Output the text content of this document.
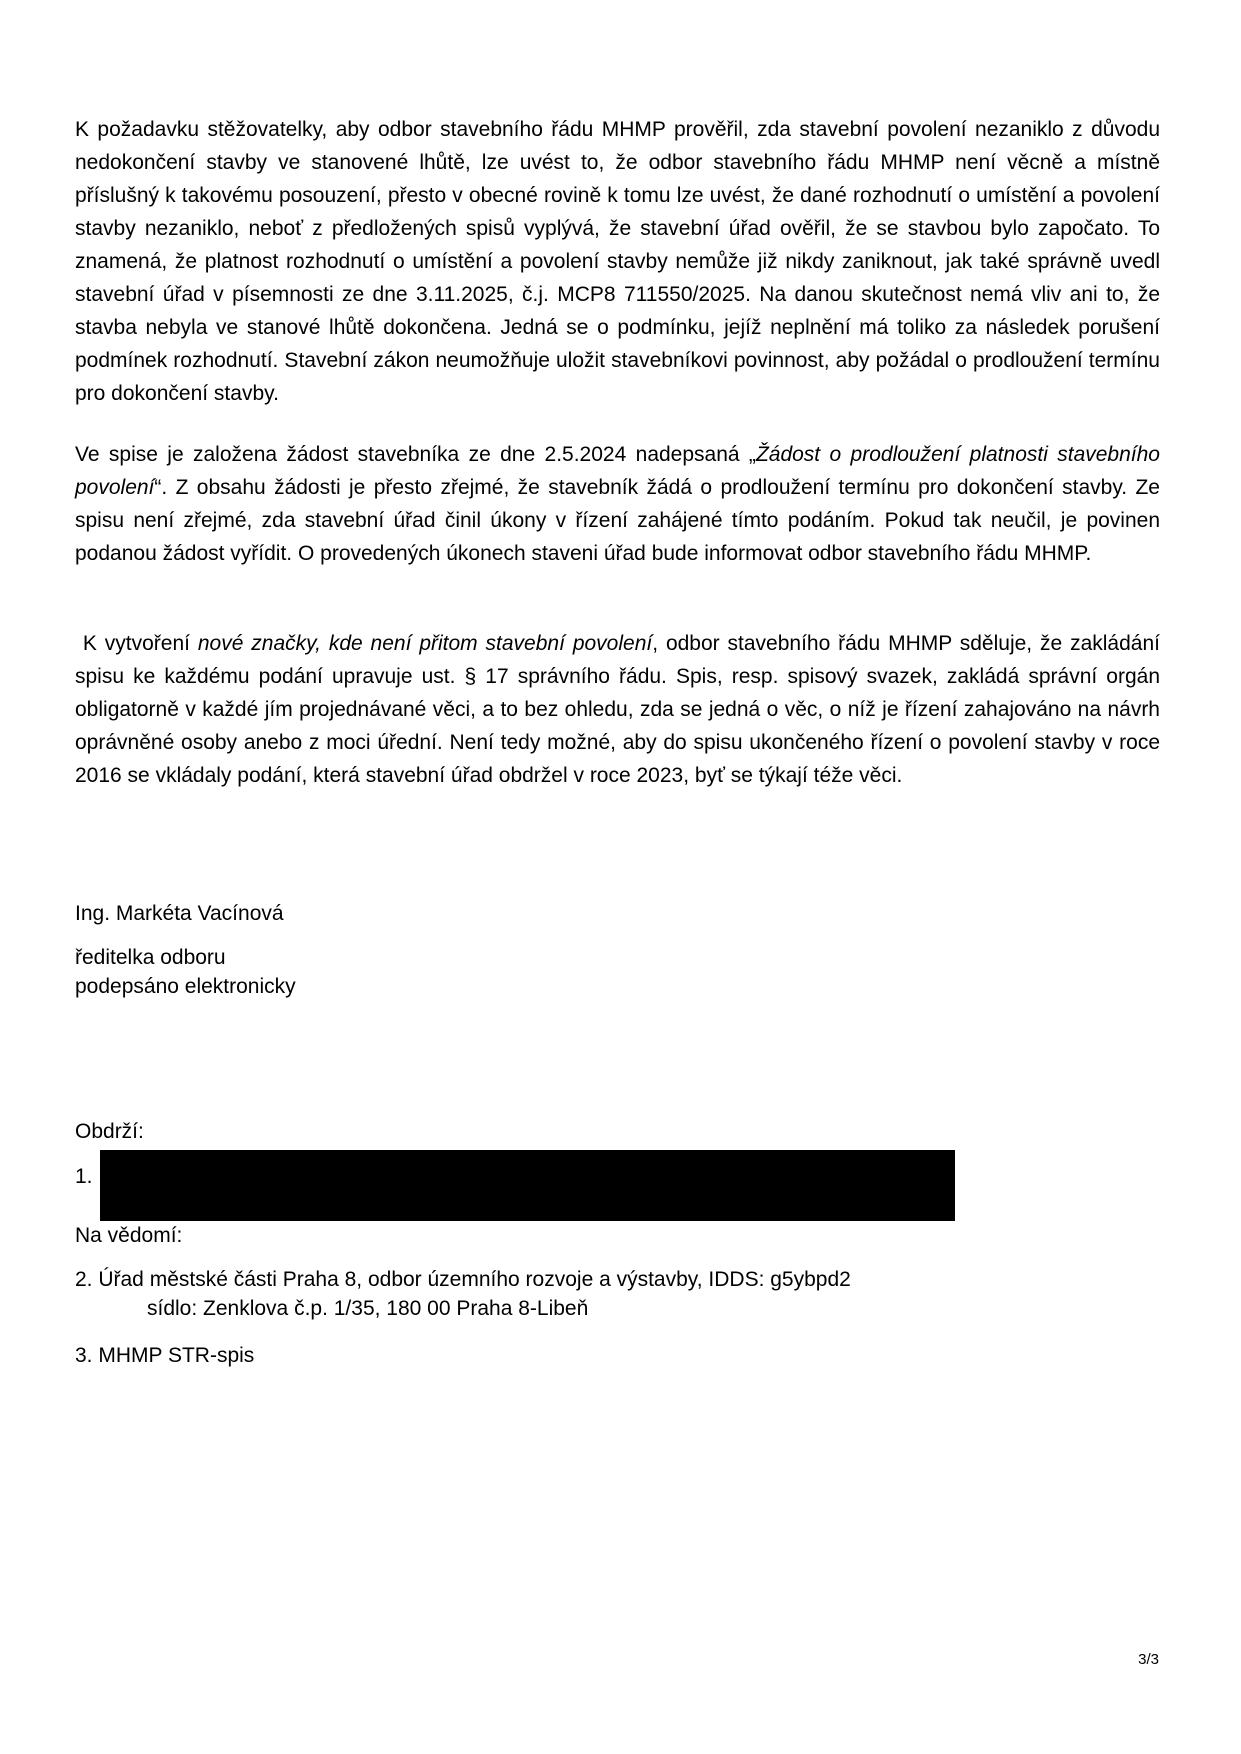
K požadavku stěžovatelky, aby odbor stavebního řádu MHMP prověřil, zda stavební povolení nezaniklo z důvodu nedokončení stavby ve stanovené lhůtě, lze uvést to, že odbor stavebního řádu MHMP není věcně a místně příslušný k takovému posouzení, přesto v obecné rovině k tomu lze uvést, že dané rozhodnutí o umístění a povolení stavby nezaniklo, neboť z předložených spisů vyplývá, že stavební úřad ověřil, že se stavbou bylo započato. To znamená, že platnost rozhodnutí o umístění a povolení stavby nemůže již nikdy zaniknout, jak také správně uvedl stavební úřad v písemnosti ze dne 3.11.2025, č.j. MCP8 711550/2025. Na danou skutečnost nemá vliv ani to, že stavba nebyla ve stanové lhůtě dokončena. Jedná se o podmínku, jejíž neplnění má toliko za následek porušení podmínek rozhodnutí. Stavební zákon neumožňuje uložit stavebníkovi povinnost, aby požádal o prodloužení termínu pro dokončení stavby.
Ve spise je založena žádost stavebníka ze dne 2.5.2024 nadepsaná „Žádost o prodloužení platnosti stavebního povolení“. Z obsahu žádosti je přesto zřejmé, že stavebník žádá o prodloužení termínu pro dokončení stavby. Ze spisu není zřejmé, zda stavební úřad činil úkony v řízení zahájené tímto podáním. Pokud tak neučil, je povinen podanou žádost vyřídit. O provedených úkonech staveni úřad bude informovat odbor stavebního řádu MHMP.
K vytvoření nové značky, kde není přitom stavební povolení, odbor stavebního řádu MHMP sděluje, že zakládání spisu ke každému podání upravuje ust. § 17 správního řádu. Spis, resp. spisový svazek, zakládá správní orgán obligatorně v každé jím projednávané věci, a to bez ohledu, zda se jedná o věc, o níž je řízení zahajováno na návrh oprávněné osoby anebo z moci úřední. Není tedy možné, aby do spisu ukončeného řízení o povolení stavby v roce 2016 se vkládaly podání, která stavební úřad obdržel v roce 2023, byť se týkají téže věci.
Ing. Markéta Vacínová
ředitelka odboru
podepsáno elektronicky
Obdrží:
1.
Na vědomí:
2. Úřad městské části Praha 8, odbor územního rozvoje a výstavby, IDDS: g5ybpd2
sídlo: Zenklova č.p. 1/35, 180 00 Praha 8-Libeň
3. MHMP STR-spis
3/3
